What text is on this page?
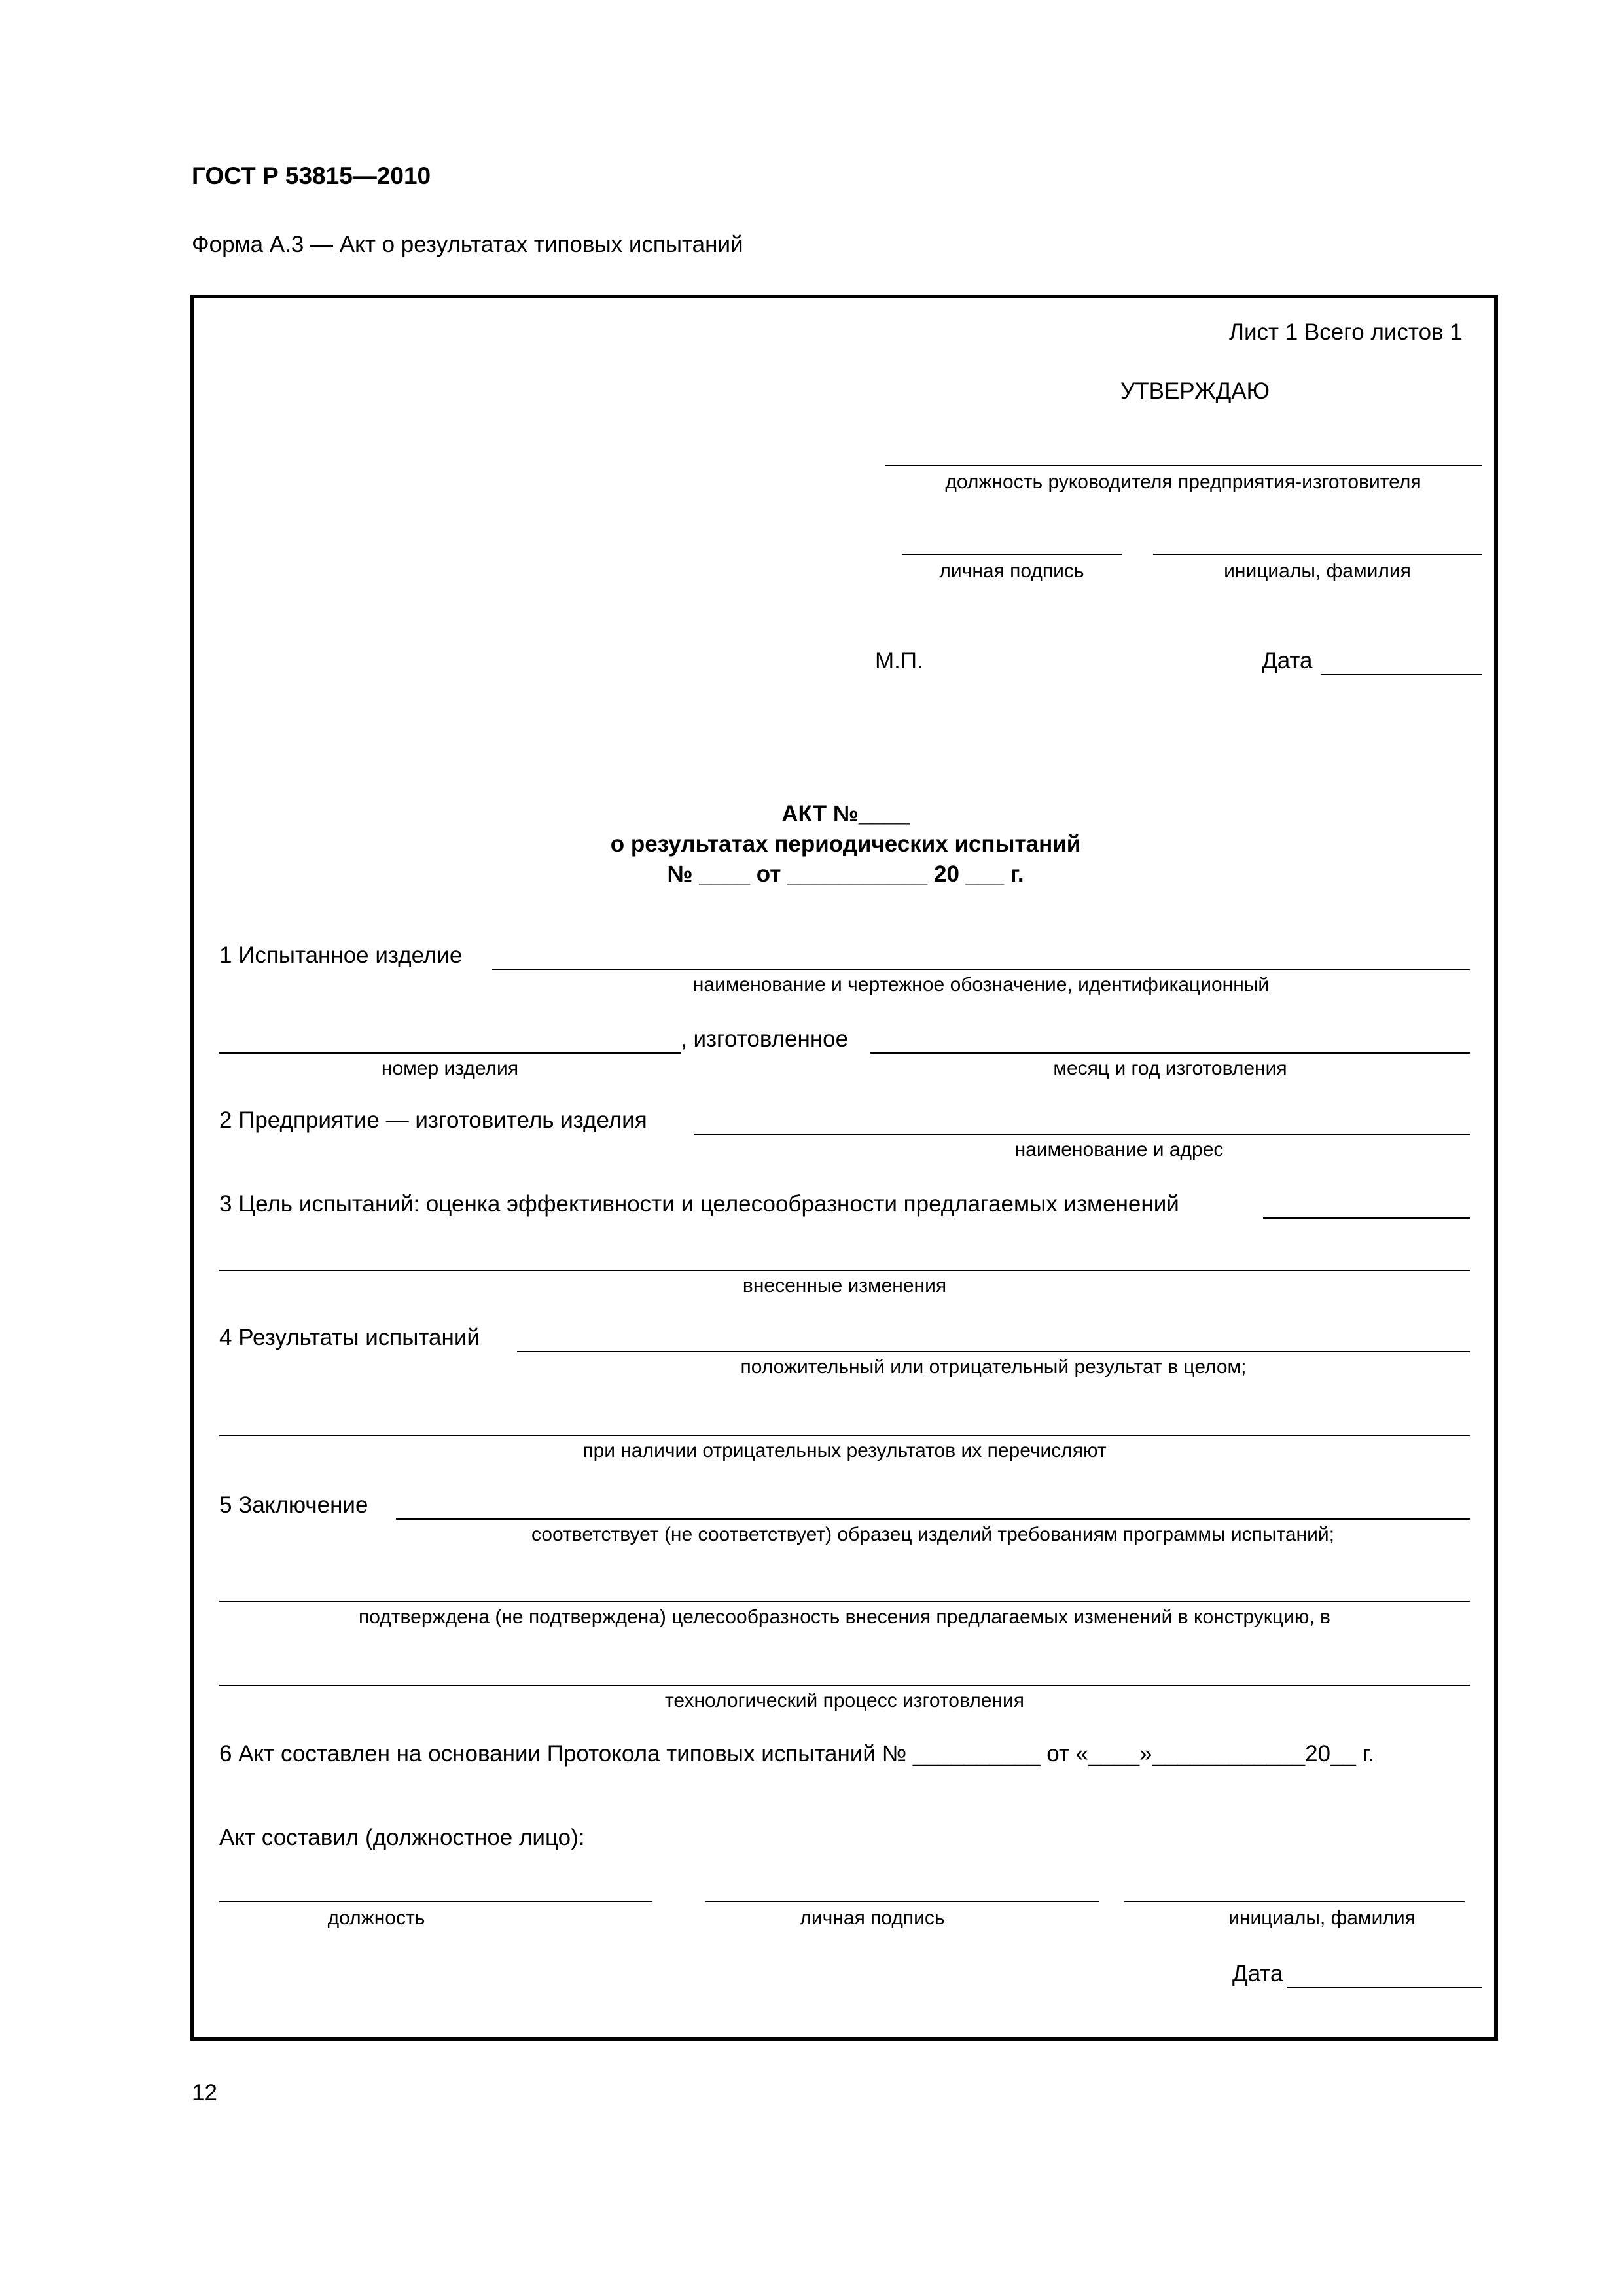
ГОСТ Р 53815—2010
Форма А.3 — Акт о результатах типовых испытаний
Лист 1 Всего листов 1
УТВЕРЖДАЮ
должность руководителя предприятия-изготовителя
личная подпись	инициалы, фамилия
М.П.	Дата
АКТ №____
о результатах периодических испытаний
№ ____ от ___________ 20 ___ г.
1 Испытанное изделие
наименование и чертежное обозначение, идентификационный
, изготовленное
номер изделия	месяц и год изготовления
2 Предприятие — изготовитель изделия
наименование и адрес
3 Цель испытаний: оценка эффективности и целесообразности предлагаемых изменений
внесенные изменения
4 Результаты испытаний
положительный или отрицательный результат в целом;
при наличии отрицательных результатов их перечисляют
5 Заключение
соответствует (не соответствует) образец изделий требованиям программы испытаний;
подтверждена (не подтверждена) целесообразность внесения предлагаемых изменений в конструкцию, в
технологический процесс изготовления
6 Акт составлен на основании Протокола типовых испытаний № __________ от «____»____________20__ г.
Акт составил (должностное лицо):
должность	личная подпись	инициалы, фамилия
Дата
12
